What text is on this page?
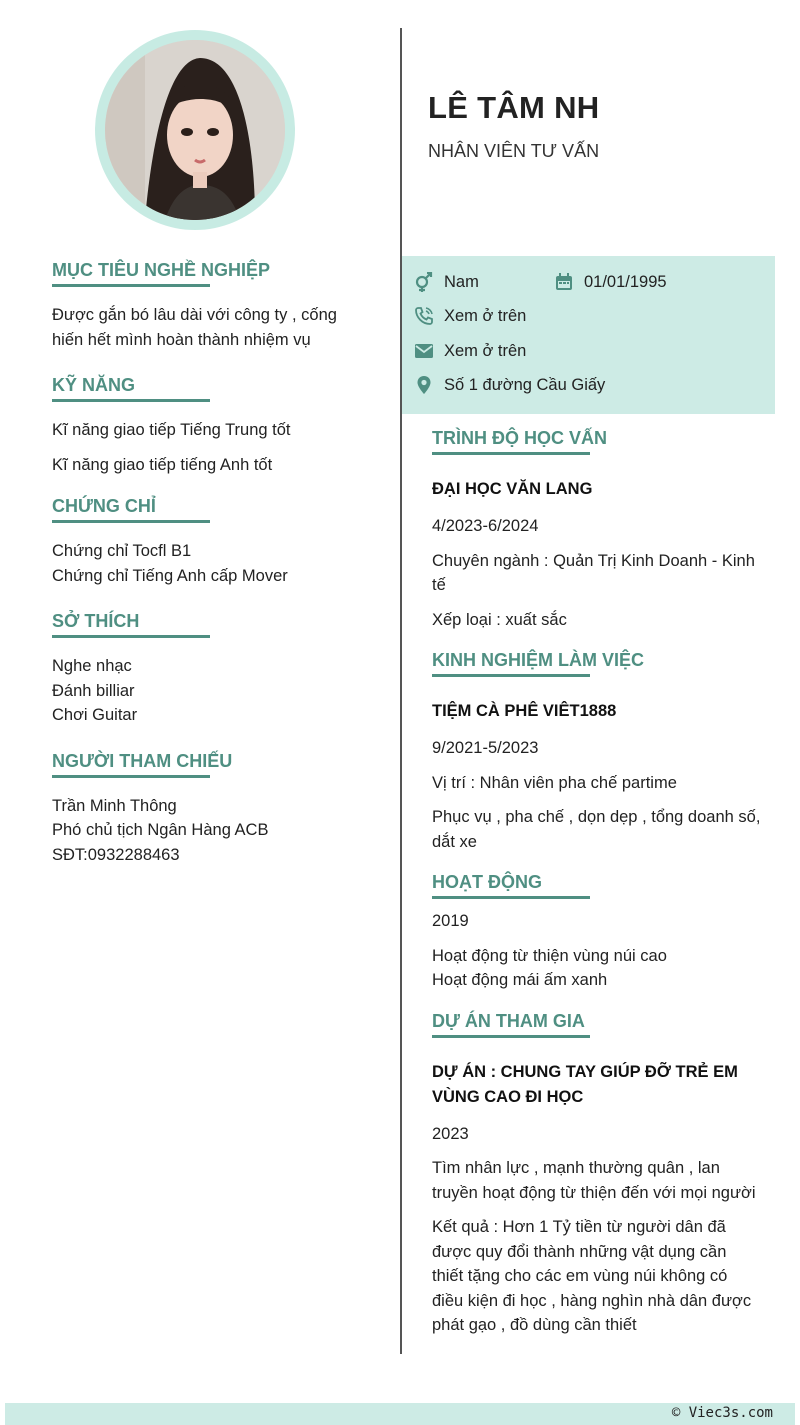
LÊ TÂM NH
NHÂN VIÊN TƯ VẤN
Nam	01/01/1995
Xem ở trên
Xem ở trên
Số 1 đường Cầu Giấy
MỤC TIÊU NGHỀ NGHIỆP
Được gắn bó lâu dài với công ty , cống hiến hết mình hoàn thành nhiệm vụ
KỸ NĂNG
Kĩ năng giao tiếp Tiếng Trung tốt
Kĩ năng giao tiếp tiếng Anh tốt
CHỨNG CHỈ
Chứng chỉ Tocfl B1
Chứng chỉ Tiếng Anh cấp Mover
SỞ THÍCH
Nghe nhạc
Đánh billiar
Chơi Guitar
NGƯỜI THAM CHIẾU
Trần Minh Thông
Phó chủ tịch Ngân Hàng ACB
SĐT:0932288463
TRÌNH ĐỘ HỌC VẤN
ĐẠI HỌC VĂN LANG
4/2023-6/2024
Chuyên ngành : Quản Trị Kinh Doanh - Kinh tế
Xếp loại : xuất sắc
KINH NGHIỆM LÀM VIỆC
TIỆM CÀ PHÊ VIÊT1888
9/2021-5/2023
Vị trí : Nhân viên pha chế partime
Phục vụ , pha chế , dọn dẹp , tổng doanh số, dắt xe
HOẠT ĐỘNG
2019
Hoạt động từ thiện vùng núi cao
Hoạt động mái ấm xanh
DỰ ÁN THAM GIA
DỰ ÁN : CHUNG TAY GIÚP ĐỠ TRẺ EM VÙNG CAO ĐI HỌC
2023
Tìm nhân lực , mạnh thường quân , lan truyền hoạt động từ thiện đến với mọi người
Kết quả : Hơn 1 Tỷ tiền từ người dân đã được quy đổi thành những vật dụng cần thiết tặng cho các em vùng núi không có điều kiện đi học , hàng nghìn nhà dân được phát gạo , đồ dùng cần thiết
© Viec3s.com
